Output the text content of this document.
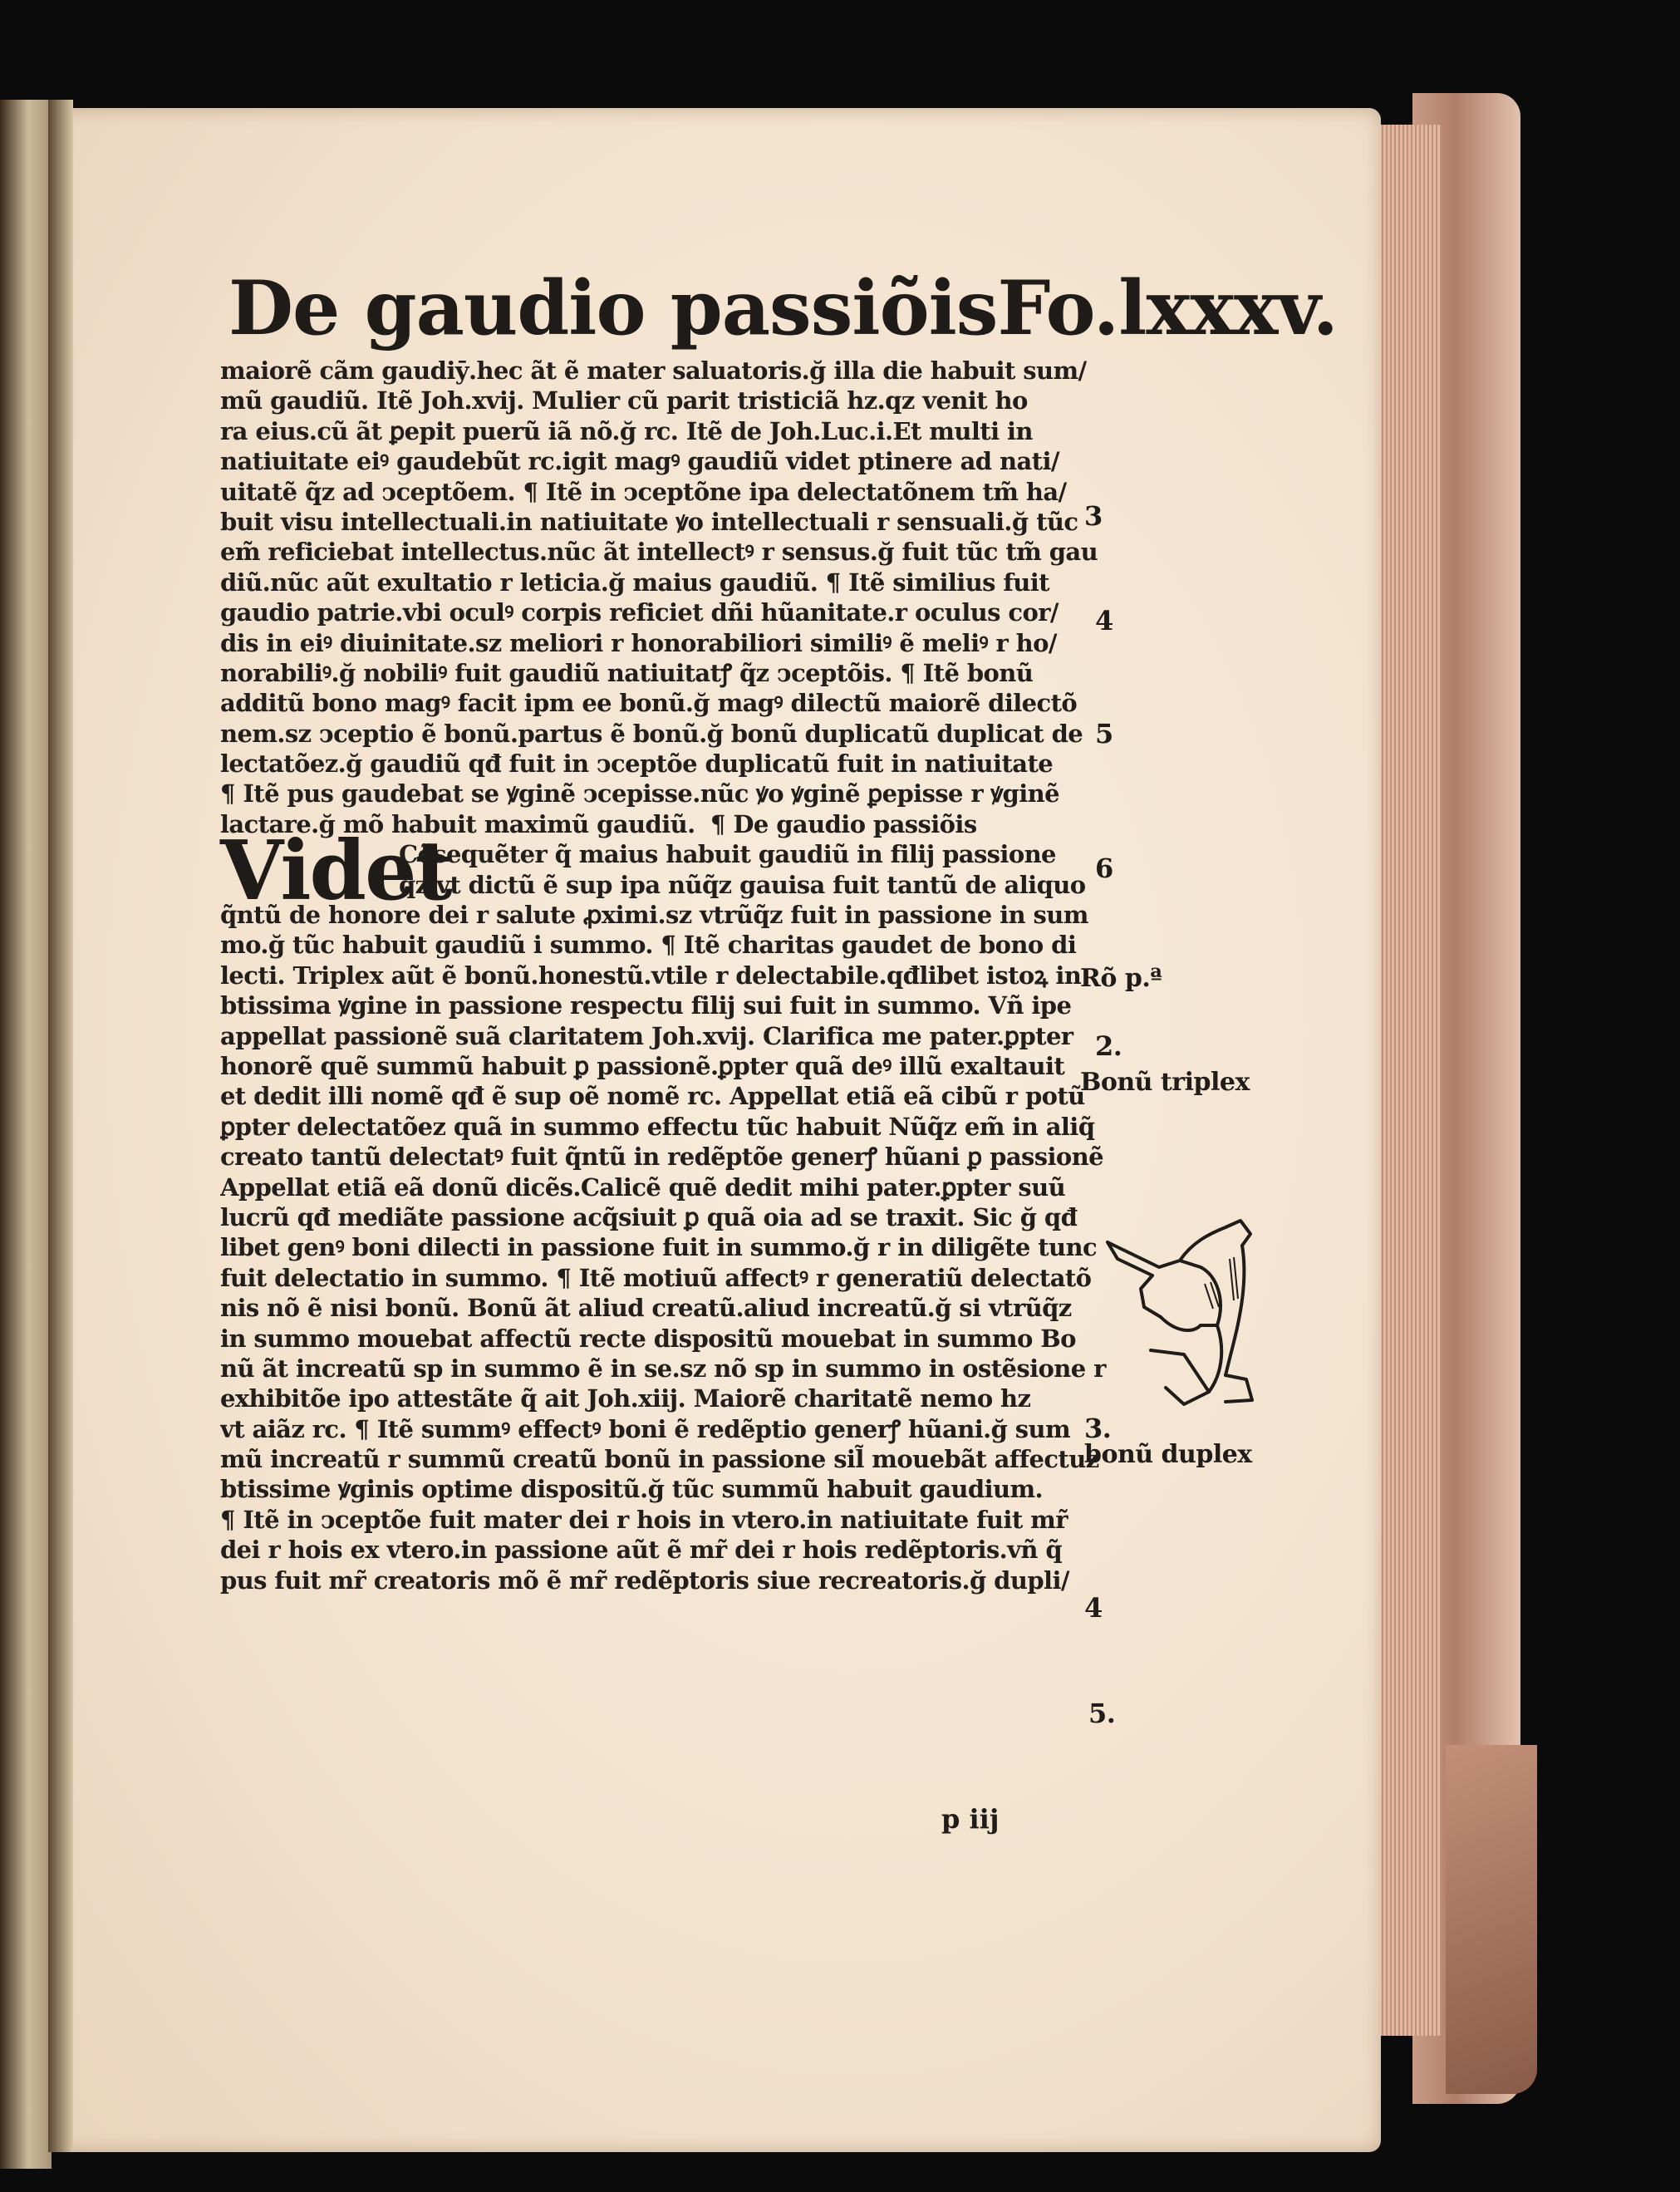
De gaudio passiõis Fo.lxxxv.
maiorẽ cãm gaudiȳ.hec ãt ẽ mater saluatoris.ğ illa die habuit sum/
mũ gaudiũ. Itẽ Joh.xvij. Mulier cũ parit tristiciã hz.qz venit ho
ra eius.cũ ãt ꝑepit puerũ iã nõ.ğ rc. Itẽ de Joh.Luc.i.Et multi in
natiuitate eiꝰ gaudebũt rc.igit magꝰ gaudiũ videt ptinere ad nati/
uitatẽ q̃z ad ↄceptõem. ¶ Itẽ in ↄceptõne ipa delectatõnem tm̃ ha/
buit visu intellectuali.in natiuitate ꝟo intellectuali r sensuali.ğ tũc
em̃ reficiebat intellectus.nũc ãt intellectꝰ r sensus.ğ fuit tũc tm̃ gau
diũ.nũc aũt exultatio r leticia.ğ maius gaudiũ. ¶ Itẽ similius fuit
gaudio patrie.vbi oculꝰ corpis reficiet dñi hũanitate.r oculus cor/
dis in eiꝰ diuinitate.sz meliori r honorabiliori similiꝰ ẽ meliꝰ r ho/
norabiliꝰ.ğ nobiliꝰ fuit gaudiũ natiuitatꝭ q̃z ↄceptõis. ¶ Itẽ bonũ
additũ bono magꝰ facit ipm ee bonũ.ğ magꝰ dilectũ maiorẽ dilectõ
nem.sz ↄceptio ẽ bonũ.partus ẽ bonũ.ğ bonũ duplicatũ duplicat de
lectatõez.ğ gaudiũ qđ fuit in ↄceptõe duplicatũ fuit in natiuitate
¶ Itẽ pus gaudebat se ꝟginẽ ↄcepisse.nũc ꝟo ꝟginẽ ꝑepisse r ꝟginẽ
lactare.ğ mõ habuit maximũ gaudiũ. ¶ De gaudio passiõis
Videt
Cõsequẽter q̃ maius habuit gaudiũ in filij passione
qz vt dictũ ẽ sup ipa nũq̃z gauisa fuit tantũ de aliquo
q̃ntũ de honore dei r salute ꝓximi.sz vtrũq̃z fuit in passione in sum
mo.ğ tũc habuit gaudiũ i summo. ¶ Itẽ charitas gaudet de bono di
lecti. Triplex aũt ẽ bonũ.honestũ.vtile r delectabile.qđlibet istoꝝ in
btissima ꝟgine in passione respectu filij sui fuit in summo. Vñ ipe
appellat passionẽ suã claritatem Joh.xvij. Clarifica me pater.ꝑpter
honorẽ quẽ summũ habuit ꝑ passionẽ.ꝑpter quã deꝰ illũ exaltauit
et dedit illi nomẽ qđ ẽ sup oẽ nomẽ rc. Appellat etiã eã cibũ r potũ
ꝑpter delectatõez quã in summo effectu tũc habuit Nũq̃z em̃ in aliq̃
creato tantũ delectatꝰ fuit q̃ntũ in redẽptõe generꝭ hũani ꝑ passionẽ
Appellat etiã eã donũ dicẽs.Calicẽ quẽ dedit mihi pater.ꝑpter suũ
lucrũ qđ mediãte passione acq̃siuit ꝑ quã oia ad se traxit. Sic ğ qđ
libet genꝰ boni dilecti in passione fuit in summo.ğ r in diligẽte tunc
fuit delectatio in summo. ¶ Itẽ motiuũ affectꝰ r generatiũ delectatõ
nis nõ ẽ nisi bonũ. Bonũ ãt aliud creatũ.aliud increatũ.ğ si vtrũq̃z
in summo mouebat affectũ recte dispositũ mouebat in summo Bo
nũ ãt increatũ sp in summo ẽ in se.sz nõ sp in summo in ostẽsione r
exhibitõe ipo attestãte q̃ ait Joh.xiij. Maiorẽ charitatẽ nemo hz
vt aiãz rc. ¶ Itẽ summꝰ effectꝰ boni ẽ redẽptio generꝭ hũani.ğ sum
mũ increatũ r summũ creatũ bonũ in passione sil̃ mouebãt affectuz
btissime ꝟginis optime dispositũ.ğ tũc summũ habuit gaudium.
¶ Itẽ in ↄceptõe fuit mater dei r hois in vtero.in natiuitate fuit mr̃
dei r hois ex vtero.in passione aũt ẽ mr̃ dei r hois redẽptoris.vñ q̃
pus fuit mr̃ creatoris mõ ẽ mr̃ redẽptoris siue recreatoris.ğ dupli/
3
4
5
6
Rõ p.ª
2.
Bonũ triplex
3.
bonũ duplex
4
5.
p iij
